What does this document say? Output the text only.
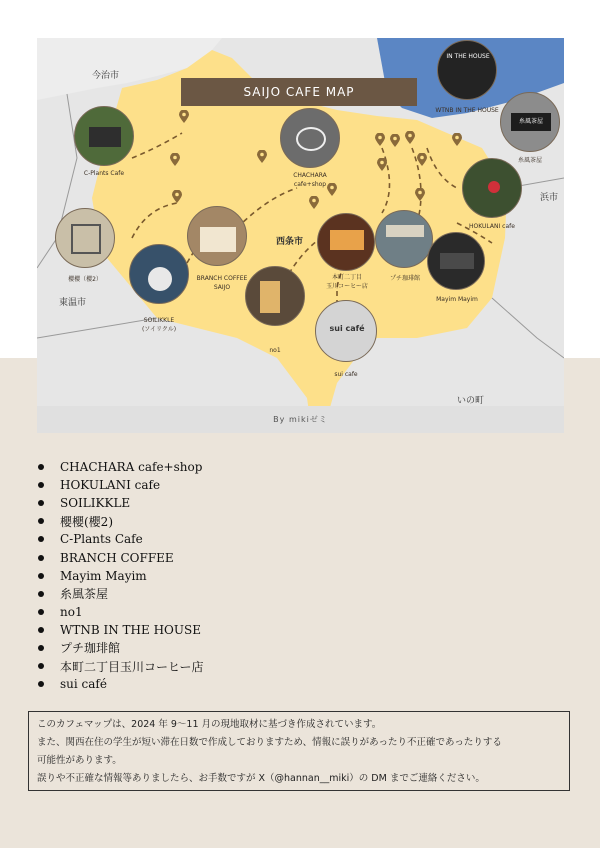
SAIJO CAFE MAP
今治市
東温市
西条市
浜市
いの町
C-Plants Cafe	CHACHARA
cafe+shop
IN THE HOUSE
WTNB IN THE HOUSE
糸風茶屋
糸風茶屋
HOKULANI cafe
櫻櫻（櫻2）	BRANCH COFFEE
SAIJO
SOILIKKLE
(ソイリクル)
本町二丁目
玉川コーヒー店
プチ珈琲館
Mayim Mayim
no1
sui café
sui cafe
By mikiゼミ
CHACHARA cafe+shop
HOKULANI cafe
SOILIKKLE
櫻櫻(櫻2)
C-Plants Cafe
BRANCH COFFEE
Mayim Mayim
糸風茶屋
no1
WTNB IN THE HOUSE
プチ珈琲館
本町二丁目玉川コーヒー店
sui café

このカフェマップは、2024 年 9～11 月の現地取材に基づき作成されています。

また、関西在住の学生が短い滞在日数で作成しておりますため、情報に誤りがあったり不正確であったりする

可能性があります。

誤りや不正確な情報等ありましたら、お手数ですが X（@hannan__miki）の DM までご連絡ください。
